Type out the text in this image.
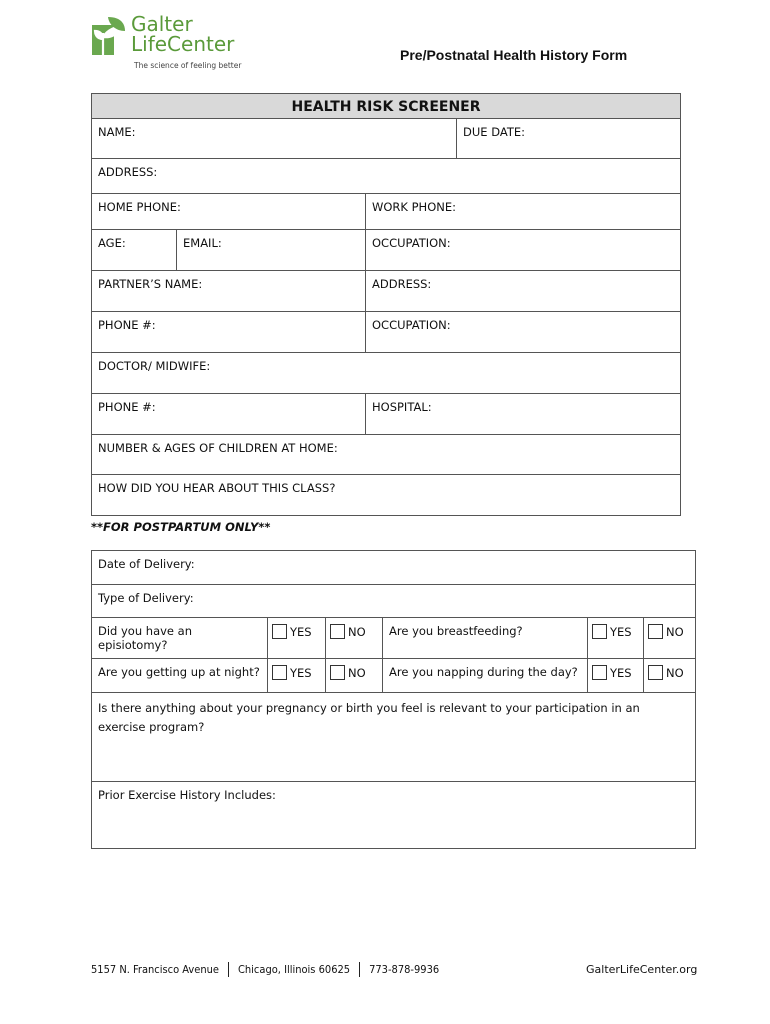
Galter
LifeCenter
The science of feeling better
Pre/Postnatal Health History Form
HEALTH RISK SCREENER			
NAME:			DUE DATE:
ADDRESS:			
HOME PHONE:		WORK PHONE:	
AGE:	EMAIL:	OCCUPATION:	
PARTNER’S NAME:		ADDRESS:	
PHONE #:		OCCUPATION:	
DOCTOR/ MIDWIFE:			
PHONE #:		HOSPITAL:	
NUMBER & AGES OF CHILDREN AT HOME:			
HOW DID YOU HEAR ABOUT THIS CLASS?			
**FOR POSTPARTUM ONLY**
Date of Delivery:					
Type of Delivery:					
Did you have an episiotomy?	YES	NO	Are you breastfeeding?	YES	NO
Are you getting up at night?	YES	NO	Are you napping during the day?	YES	NO
Is there anything about your pregnancy or birth you feel is relevant to your participation in an exercise program?					
Prior Exercise History Includes:					
5157 N. Francisco Avenue Chicago, Illinois 60625 773-878-9936	GalterLifeCenter.org
